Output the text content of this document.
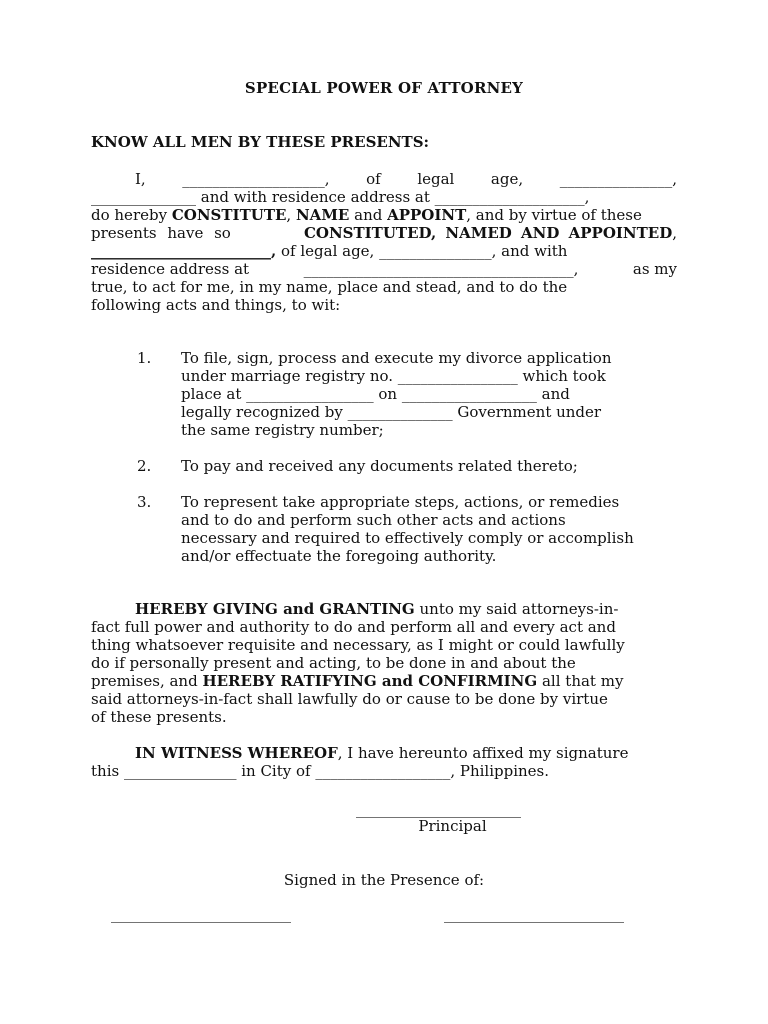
SPECIAL POWER OF ATTORNEY
KNOW ALL MEN BY THESE PRESENTS:
I, ___________________, of legal age, _______________,
______________ and with residence address at ____________________,
do hereby CONSTITUTE , NAME and APPOINT , and by virtue of these
presents have so	CONSTITUTED, NAMED AND APPOINTED,
________________________, of legal age, _______________, and with
residence address at	____________________________________,	as my
true, to act for me, in my name, place and stead, and to do the
following acts and things, to wit:
1. To file, sign, process and execute my divorce application
under marriage registry no. ________________ which took
place at _________________ on __________________ and
legally recognized by ______________ Government under
the same registry number;
2. To pay and received any documents related thereto;
3. To represent take appropriate steps, actions, or remedies
and to do and perform such other acts and actions
necessary and required to effectively comply or accomplish
and/or effectuate the foregoing authority.
HEREBY GIVING and GRANTING unto my said attorneys-in-
fact full power and authority to do and perform all and every act and
thing whatsoever requisite and necessary, as I might or could lawfully
do if personally present and acting, to be done in and about the
premises, and HEREBY RATIFYING and CONFIRMING all that my
said attorneys-in-fact shall lawfully do or cause to be done by virtue
of these presents.
IN WITNESS WHEREOF , I have hereunto affixed my signature
this _______________ in City of __________________, Philippines.
______________________
Principal
Signed in the Presence of:
________________________	________________________
